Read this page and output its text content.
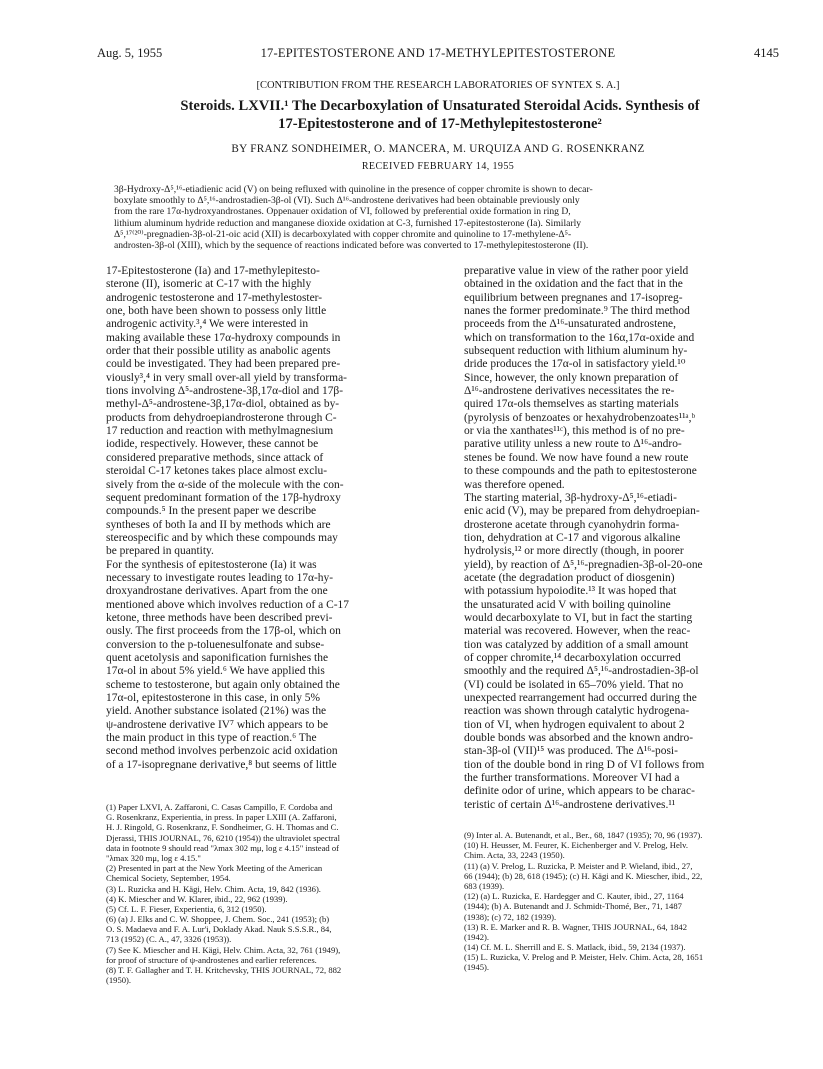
Aug. 5, 1955	17-EPITESTOSTERONE AND 17-METHYLEPITESTOSTERONE	4145
[CONTRIBUTION FROM THE RESEARCH LABORATORIES OF SYNTEX S. A.]
Steroids. LXVII.¹ The Decarboxylation of Unsaturated Steroidal Acids. Synthesis of
17-Epitestosterone and of 17-Methylepitestosterone²
BY FRANZ SONDHEIMER, O. MANCERA, M. URQUIZA AND G. ROSENKRANZ
RECEIVED FEBRUARY 14, 1955
3β-Hydroxy-Δ⁵,¹⁶-etiadienic acid (V) on being refluxed with quinoline in the presence of copper chromite is shown to decar-
boxylate smoothly to Δ⁵,¹⁶-androstadien-3β-ol (VI). Such Δ¹⁶-androstene derivatives had been obtainable previously only
from the rare 17α-hydroxyandrostanes. Oppenauer oxidation of VI, followed by preferential oxide formation in ring D,
lithium aluminum hydride reduction and manganese dioxide oxidation at C-3, furnished 17-epitestosterone (Ia). Similarly
Δ⁵,¹⁷⁽²⁰⁾-pregnadien-3β-ol-21-oic acid (XII) is decarboxylated with copper chromite and quinoline to 17-methylene-Δ⁵-
androsten-3β-ol (XIII), which by the sequence of reactions indicated before was converted to 17-methylepitestosterone (II).
17-Epitestosterone (Ia) and 17-methylepitesto-
sterone (II), isomeric at C-17 with the highly
androgenic testosterone and 17-methylestoster-
one, both have been shown to possess only little
androgenic activity.³,⁴ We were interested in
making available these 17α-hydroxy compounds in
order that their possible utility as anabolic agents
could be investigated. They had been prepared pre-
viously³,⁴ in very small over-all yield by transforma-
tions involving Δ⁵-androstene-3β,17α-diol and 17β-
methyl-Δ⁵-androstene-3β,17α-diol, obtained as by-
products from dehydroepiandrosterone through C-
17 reduction and reaction with methylmagnesium
iodide, respectively. However, these cannot be
considered preparative methods, since attack of
steroidal C-17 ketones takes place almost exclu-
sively from the α-side of the molecule with the con-
sequent predominant formation of the 17β-hydroxy
compounds.⁵ In the present paper we describe
syntheses of both Ia and II by methods which are
stereospecific and by which these compounds may
be prepared in quantity.
For the synthesis of epitestosterone (Ia) it was
necessary to investigate routes leading to 17α-hy-
droxyandrostane derivatives. Apart from the one
mentioned above which involves reduction of a C-17
ketone, three methods have been described previ-
ously. The first proceeds from the 17β-ol, which on
conversion to the p-toluenesulfonate and subse-
quent acetolysis and saponification furnishes the
17α-ol in about 5% yield.⁶ We have applied this
scheme to testosterone, but again only obtained the
17α-ol, epitestosterone in this case, in only 5%
yield. Another substance isolated (21%) was the
ψ-androstene derivative IV⁷ which appears to be
the main product in this type of reaction.⁶ The
second method involves perbenzoic acid oxidation
of a 17-isopregnane derivative,⁸ but seems of little
(1) Paper LXVI, A. Zaffaroni, C. Casas Campillo, F. Cordoba and
G. Rosenkranz, Experientia, in press. In paper LXIII (A. Zaffaroni,
H. J. Ringold, G. Rosenkranz, F. Sondheimer, G. H. Thomas and C.
Djerassi, THIS JOURNAL, 76, 6210 (1954)) the ultraviolet spectral
data in footnote 9 should read "λmax 302 mμ, log ε 4.15" instead of
"λmax 320 mμ, log ε 4.15."
(2) Presented in part at the New York Meeting of the American
Chemical Society, September, 1954.
(3) L. Ruzicka and H. Kägi, Helv. Chim. Acta, 19, 842 (1936).
(4) K. Miescher and W. Klarer, ibid., 22, 962 (1939).
(5) Cf. L. F. Fieser, Experientia, 6, 312 (1950).
(6) (a) J. Elks and C. W. Shoppee, J. Chem. Soc., 241 (1953); (b)
O. S. Madaeva and F. A. Lur'i, Doklady Akad. Nauk S.S.S.R., 84,
713 (1952) (C. A., 47, 3326 (1953)).
(7) See K. Miescher and H. Kägi, Helv. Chim. Acta, 32, 761 (1949),
for proof of structure of ψ-androstenes and earlier references.
(8) T. F. Gallagher and T. H. Kritchevsky, THIS JOURNAL, 72, 882
(1950).
preparative value in view of the rather poor yield
obtained in the oxidation and the fact that in the
equilibrium between pregnanes and 17-isopreg-
nanes the former predominate.⁹ The third method
proceeds from the Δ¹⁶-unsaturated androstene,
which on transformation to the 16α,17α-oxide and
subsequent reduction with lithium aluminum hy-
dride produces the 17α-ol in satisfactory yield.¹⁰
Since, however, the only known preparation of
Δ¹⁶-androstene derivatives necessitates the re-
quired 17α-ols themselves as starting materials
(pyrolysis of benzoates or hexahydrobenzoates¹¹ᵃ,ᵇ
or via the xanthates¹¹ᶜ), this method is of no pre-
parative utility unless a new route to Δ¹⁶-andro-
stenes be found. We now have found a new route
to these compounds and the path to epitestosterone
was therefore opened.
The starting material, 3β-hydroxy-Δ⁵,¹⁶-etiadi-
enic acid (V), may be prepared from dehydroepian-
drosterone acetate through cyanohydrin forma-
tion, dehydration at C-17 and vigorous alkaline
hydrolysis,¹² or more directly (though, in poorer
yield), by reaction of Δ⁵,¹⁶-pregnadien-3β-ol-20-one
acetate (the degradation product of diosgenin)
with potassium hypoiodite.¹³ It was hoped that
the unsaturated acid V with boiling quinoline
would decarboxylate to VI, but in fact the starting
material was recovered. However, when the reac-
tion was catalyzed by addition of a small amount
of copper chromite,¹⁴ decarboxylation occurred
smoothly and the required Δ⁵,¹⁶-androstadien-3β-ol
(VI) could be isolated in 65–70% yield. That no
unexpected rearrangement had occurred during the
reaction was shown through catalytic hydrogena-
tion of VI, when hydrogen equivalent to about 2
double bonds was absorbed and the known andro-
stan-3β-ol (VII)¹⁵ was produced. The Δ¹⁶-posi-
tion of the double bond in ring D of VI follows from
the further transformations. Moreover VI had a
definite odor of urine, which appears to be charac-
teristic of certain Δ¹⁶-androstene derivatives.¹¹
(9) Inter al. A. Butenandt, et al., Ber., 68, 1847 (1935); 70, 96 (1937).
(10) H. Heusser, M. Feurer, K. Eichenberger and V. Prelog, Helv.
Chim. Acta, 33, 2243 (1950).
(11) (a) V. Prelog, L. Ruzicka, P. Meister and P. Wieland, ibid., 27,
66 (1944); (b) 28, 618 (1945); (c) H. Kägi and K. Miescher, ibid., 22,
683 (1939).
(12) (a) L. Ruzicka, E. Hardegger and C. Kauter, ibid., 27, 1164
(1944); (b) A. Butenandt and J. Schmidt-Thomé, Ber., 71, 1487
(1938); (c) 72, 182 (1939).
(13) R. E. Marker and R. B. Wagner, THIS JOURNAL, 64, 1842
(1942).
(14) Cf. M. L. Sherrill and E. S. Matlack, ibid., 59, 2134 (1937).
(15) L. Ruzicka, V. Prelog and P. Meister, Helv. Chim. Acta, 28, 1651
(1945).
